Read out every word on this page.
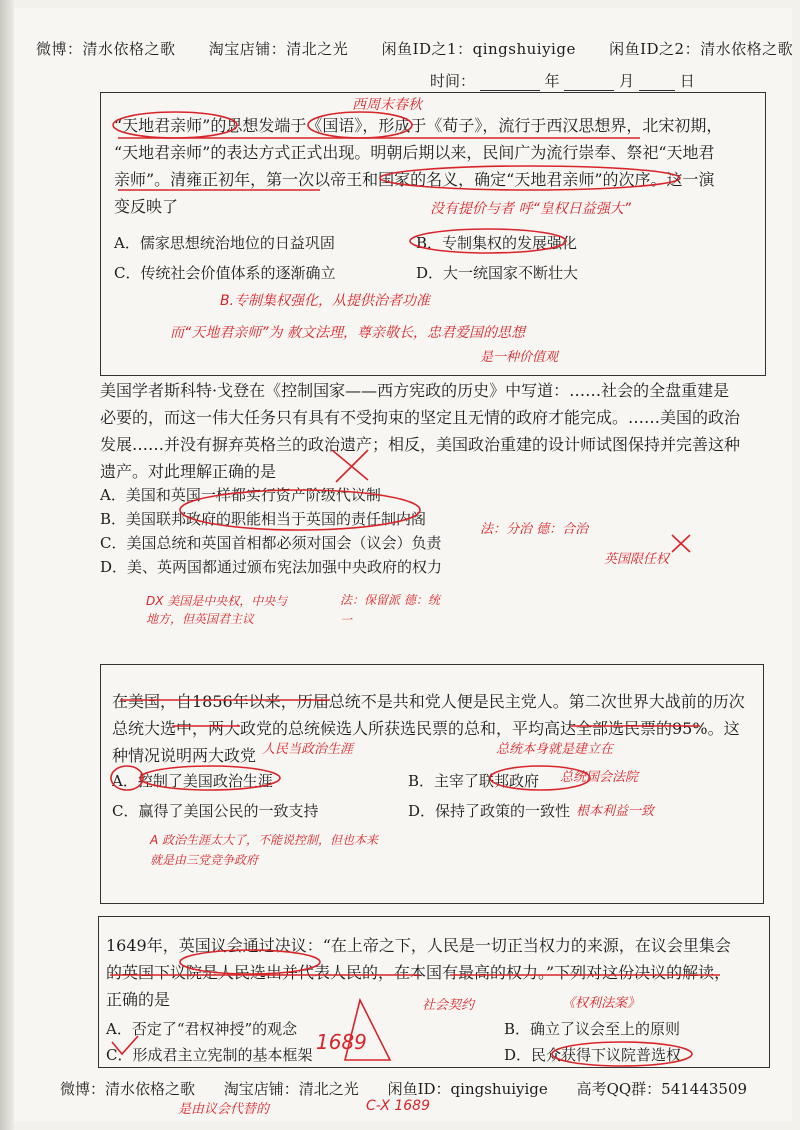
微博：清水依格之歌 淘宝店铺：清北之光 闲鱼ID之1：qingshuiyige 闲鱼ID之2：清水依格之歌
时间：	年	月	日
“天地君亲师”的思想发端于《国语》，形成于《荀子》，流行于西汉思想界，北宋初期，
“天地君亲师”的表达方式正式出现。明朝后期以来，民间广为流行崇奉、祭祀“天地君
亲师”。清雍正初年，第一次以帝王和国家的名义，确定“天地君亲师”的次序。这一演
变反映了
A．儒家思想统治地位的日益巩固	B．专制集权的发展强化
C．传统社会价值体系的逐渐确立	D．大一统国家不断壮大
美国学者斯科特·戈登在《控制国家——西方宪政的历史》中写道：……社会的全盘重建是
必要的，而这一伟大任务只有具有不受拘束的坚定且无情的政府才能完成。……美国的政治
发展……并没有摒弃英格兰的政治遗产；相反，美国政治重建的设计师试图保持并完善这种
遗产。对此理解正确的是
A．美国和英国一样都实行资产阶级代议制
B．美国联邦政府的职能相当于英国的责任制内阁
C．美国总统和英国首相都必须对国会（议会）负责
D．美、英两国都通过颁布宪法加强中央政府的权力
在美国，自1856年以来，历届总统不是共和党人便是民主党人。第二次世界大战前的历次
总统大选中，两大政党的总统候选人所获选民票的总和，平均高达全部选民票的95%。这
种情况说明两大政党
A．控制了美国政治生涯	B．主宰了联邦政府
C．赢得了美国公民的一致支持	D．保持了政策的一致性
1649年，英国议会通过决议：“在上帝之下，人民是一切正当权力的来源，在议会里集会
的英国下议院是人民选出并代表人民的，在本国有最高的权力。”下列对这份决议的解读，
正确的是
A．否定了“君权神授”的观念	B．确立了议会至上的原则
C．形成君主立宪制的基本框架	D．民众获得下议院普选权
微博：清水依格之歌 淘宝店铺：清北之光 闲鱼ID：qingshuiyige 高考QQ群：541443509
西周末春秋
没有提价与者 呼“皇权日益强大”
B.专制集权强化，从提供治者功准
而“天地君亲师”为 赦文法理，尊亲敬长，忠君爱国的思想
是一种价值观
法：分治 德：合治
英国限任权
DX 美国是中央权，中央与地方，但英国君主议
法：保留派 德：统一
人民当政治生涯	总统本身就是建立在
总统国会法院
根本利益一致
A 政治生涯太大了，不能说控制，但也本来就是由三党竞争政府
社会契约	《权利法案》
1689
是由议会代替的	C-X 1689
